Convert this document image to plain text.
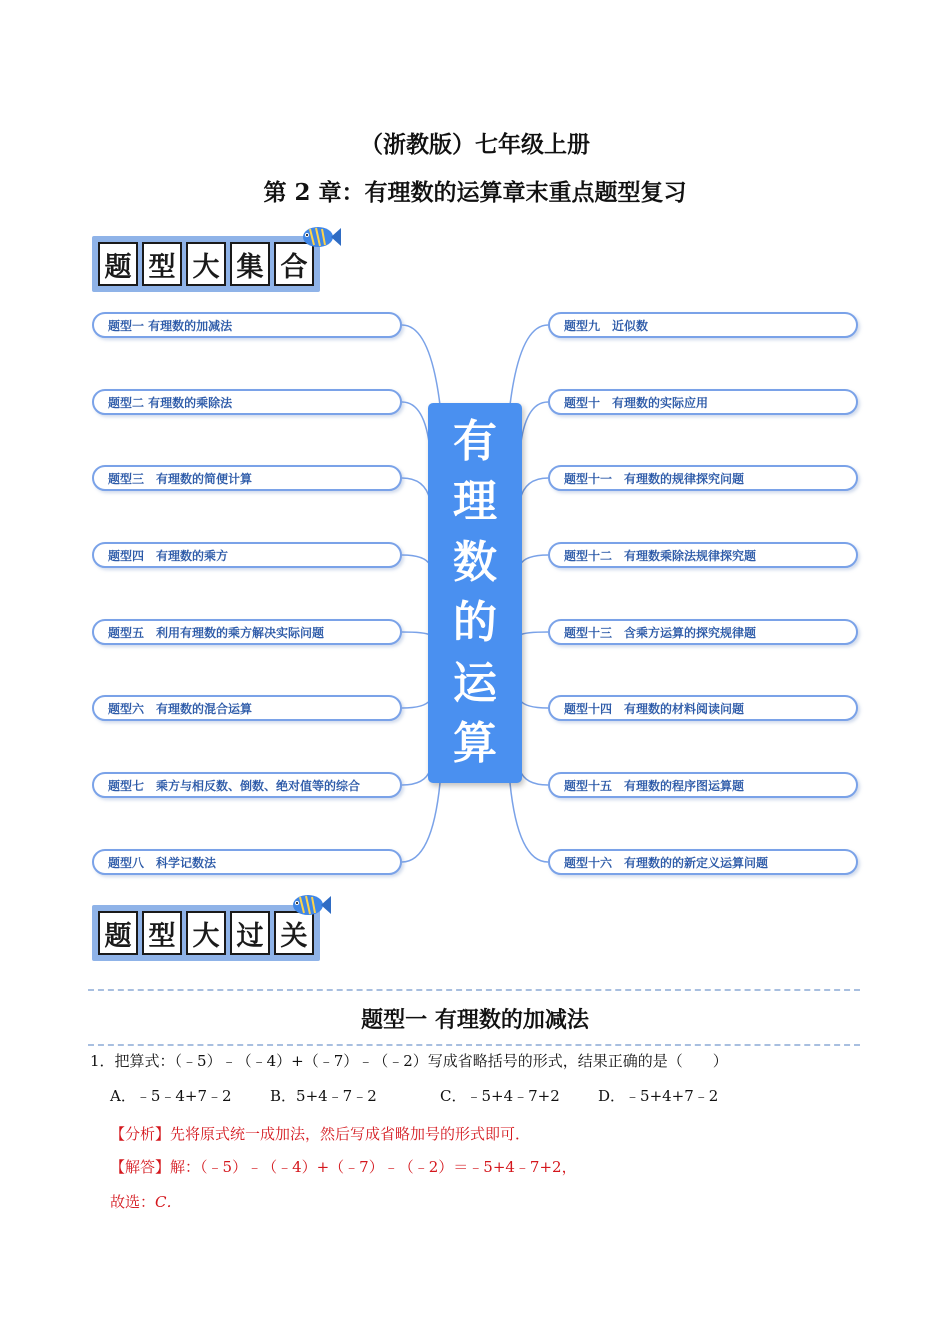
（浙教版）七年级上册
第 2 章：有理数的运算章末重点题型复习
题 型 大 集 合
题型一 有理数的加减法
题型二 有理数的乘除法
题型三　有理数的简便计算
题型四　有理数的乘方
题型五　利用有理数的乘方解决实际问题
题型六　有理数的混合运算
题型七　乘方与相反数、倒数、绝对值等的综合
题型八　科学记数法
题型九　近似数
题型十　有理数的实际应用
题型十一　有理数的规律探究问题
题型十二　有理数乘除法规律探究题
题型十三　含乘方运算的探究规律题
题型十四　有理数的材料阅读问题
题型十五　有理数的程序图运算题
题型十六　有理数的的新定义运算问题
有
理
数
的
运
算
题 型 大 过 关
题型一 有理数的加减法
1．把算式：（﹣5）﹣（﹣4）+（﹣7）﹣（﹣2）写成省略括号的形式，结果正确的是（　　）
A．﹣5﹣4+7﹣2	B．5+4﹣7﹣2	C．﹣5+4﹣7+2	D．﹣5+4+7﹣2
【分析】先将原式统一成加法，然后写成省略加号的形式即可．
【解答】解：（﹣5）﹣（﹣4）+（﹣7）﹣（﹣2）＝﹣5+4﹣7+2，
故选：C．
